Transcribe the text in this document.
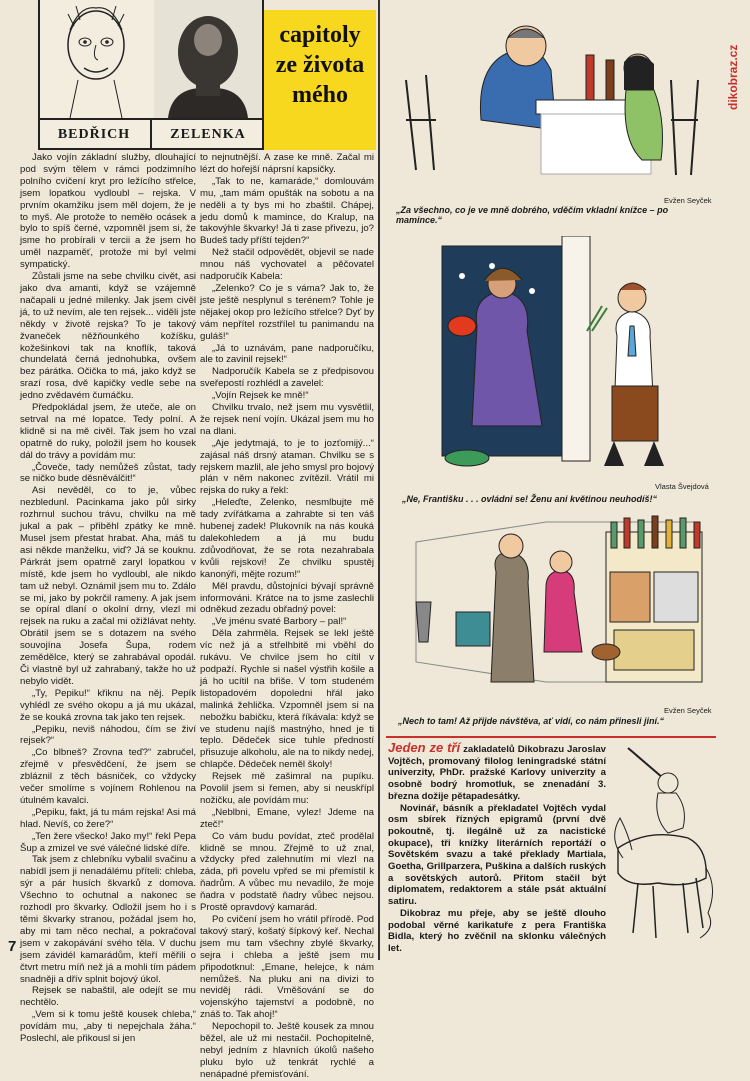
BEDŘICH	ZELENKA
capitoly
ze života
mého

Jako vojín základní služby, dlouhající pod svým tělem v rámci podzimního polního cvičení kryt pro ležícího střelce, jsem lopatkou vydloubl – rejska. V prvním okamžiku jsem měl dojem, že je to myš. Ale protože to neměło ocásek a bylo to spíš černé, vzpomněl jsem si, že jsme ho probírali v tercii a že jsem ho uměl nazpaměť, protože mi byl velmi sympatický.

Zůstali jsme na sebe chvilku civět, asi jako dva amanti, když se vzájemně načapali u jedné milenky. Jak jsem civěl já, to už nevím, ale ten rejsek... viděli jste někdy v životě rejska? To je takový žvaneček něžňounkého kožíšku, kožešinkovi tak na knoflík, taková chundelatá černá jednohubka, ovšem bez párátka. Očička to má, jako když se srazí rosa, dvě kapičky vedle sebe na jedno zvědavém čumáčku.

Předpokládal jsem, že uteče, ale on setrval na mé lopatce. Tedy polní. A klidně si na mě civěl. Tak jsem ho vzal opatrně do ruky, položil jsem ho kousek dál do trávy a povídám mu:

„Čoveče, tady nemůžeš zůstat, tady se ničko bude děsněválčit!“

Asi nevěděl, co to je, vůbec nezbledunl. Pacinkama jako půl sirky rozhrnul suchou trávu, chvilku na mě jukal a pak – přiběhl zpátky ke mně. Musel jsem přestat hrabat. Aha, máš tu asi někde manželku, viď? Já se kouknu. Párkrát jsem opatrně zaryl lopatkou v místě, kde jsem ho vydloubl, ale nikdo tam už nebyl. Oznámil jsem mu to. Zdálo se mi, jako by pokrčil rameny. A jak jsem se opíral dlaní o okolní drny, vlezl mi rejsek na ruku a začal mi ožižlávat nehty. Obrátil jsem se s dotazem na svého souvojína Josefa Šupa, rodem zemědělce, který se zahrabával opodál. Či vlastně byl už zahrabaný, takže ho už nebylo vidět.

„Ty, Pepiku!“ křiknu na něj. Pepík vyhlédl ze svého okopu a já mu ukázal, že se kouká zrovna tak jako ten rejsek.

„Pepiku, neviš náhodou, čím se živí rejsek?“

„Co blbneš? Zrovna teď?“ zabručel, zřejmě v přesvědčení, že jsem se zbláznil z těch básniček, co vždycky večer smolíme s vojínem Rohlenou na útulném kavalci.

„Pepiku, fakt, já tu mám rejska! Asi má hlad. Nevíš, co žere?“

„Ten žere všecko! Jako my!“ řekl Pepa Šup a zmizel ve své válečné lidské díře.

Tak jsem z chlebníku vybalil svačinu a nabídl jsem ji nenadálému příteli: chleba, sýr a pár husích škvarků z domova. Všechno to ochutnal a nakonec se rozhodl pro škvarky. Odložil jsem ho i s těmi škvarky stranou, požádal jsem ho, aby mi tam něco nechal, a pokračoval jsem v zakopávání svého těla. V duchu jsem závidél kamarádům, kteří měřili o čtvrt metru míň než já a mohli tím pádem snadněji a dřív splnit bojový úkol.

Rejsek se nabaštil, ale odejít se mu nechtělo.

„Vem si k tomu ještě kousek chleba,“ povídám mu, „aby ti nepejchala žáha.“ Poslechl, ale přikousl si jen

to nejnutnější. A zase ke mně. Začal mi lézt do hořejší náprsní kapsičky.

„Tak to ne, kamaráde,“ domlouvám mu, „tam mám opušták na sobotu a na neděli a ty bys mi ho zbaštil. Chápej, jedu domů k mamince, do Kralup, na takovýhle škvarky! Já ti zase přivezu, jo? Budeš tady příští tejden?“

Než stačil odpovědět, objevil se nade mnou náš vychovatel a pěčovatel nadporučík Kabela:

„Zelenko? Co je s váma? Jak to, že jste ještě nesplynul s terénem? Tohle je nějakej okop pro ležícího střelce? Dyť by vám nepřítel rozstřílel tu panimandu na guláš!“

„Já to uznávám, pane nadporučíku, ale to zavinil rejsek!“

Nadporučík Kabela se z předpisovou sveřepostí rozhlédl a zavelel:

„Vojín Rejsek ke mně!“

Chvilku trvalo, než jsem mu vysvětlil, že rejsek není vojín. Ukázal jsem mu ho na dlani.

„Aje jedytmajá, to je to jozťomijý...“ zajásal náš drsný ataman. Chvilku se s rejskem mazlil, ale jeho smysl pro bojový plán v něm nakonec zvítězil. Vrátil mi rejska do ruky a řekl:

„Heleďte, Zelenko, nesmlbujte mě tady zvířátkama a zahrabte si ten váš hubenej zadek! Plukovník na nás kouká dalekohledem a já mu budu zdůvodňovat, že se rota nezahrabala kvůli rejskovi! Ze chvilku spustěj kanonýři, mějte rozum!“

Měl pravdu, důstojníci bývají správně informováni. Krátce na to jsme zaslechli odněkud zezadu obřadný povel:

„Ve jménu svaté Barbory – pal!“

Děla zahrměla. Rejsek se lekl ještě víc než já a střelhbitě mi vběhl do rukávu. Ve chvilce jsem ho cítil v podpaží. Rychle si našel výstřih košile a já ho ucítil na břiše. V tom studeném listopadovém dopoledni hřál jako malinká žehlička. Vzpomněl jsem si na nebožku babičku, která říkávala: když se ve studenu najíš mastnýho, hned je ti teplo. Dědeček sice tuhle předností přisuzuje alkoholu, ale na to nikdy nedej, chlapče. Dědeček neměl školy!

Rejsek mě zašimral na pupíku. Povolil jsem si řemen, aby si neuskřípl nožičku, ale povídám mu:

„Neblbni, Emane, vylez! Jdeme na zteč!“

Co vám budu povídat, zteč prodělal klidně se mnou. Zřejmě to už znal, vždycky před zalehnutím mi vlezl na záda, při povelu vpřed se mi přemístil k ňadrům. A vůbec mu nevadilo, že moje ňadra v podstatě ňadry vůbec nejsou. Prostě opravdový kamarád.

Po cvičení jsem ho vrátil přírodě. Pod takový starý, košatý šípkový keř. Nechal jsem mu tam všechny zbylé škvarky, sejra i chleba a ještě jsem mu připodotknul: „Emane, helejce, k nám nemůžeš. Na pluku ani na divizi to neviděj rádi. Vměšování se do vojenskýho tajemství a podobně, no znáš to. Tak ahoj!“

Nepochopil to. Ještě kousek za mnou běžel, ale už mi nestačil. Pochopitelně, nebyl jedním z hlavních úkolů našeho pluku bylo už tenkrát rychlé a nenápadné přemisťování.

Evžen Seyček
„Za všechno, co je ve mně dobrého, vděčím vkladní knížce – po mamince.“
Vlasta Švejdová
„Ne, Františku . . . ovládni se! Ženu ani květinou neuhodíš!“
Evžen Seyček
„Nech to tam! Až přijde návštěva, ať vidí, co nám přinesli jiní.“

Jeden ze tří zakladatelů Dikobrazu Jaroslav Vojtěch, promovaný filolog leningradské státní univerzity, PhDr. pražské Karlovy univerzity a osobně bodrý hromotluk, se znenadání 3. března dožije pětapadesátky.

Novinář, básník a překladatel Vojtěch vydal osm sbírek řízných epigramů (první dvě pokoutně, tj. ilegálně už za nacistické okupace), tři knížky literárních reportáží o Sovětském svazu a také překlady Martiala, Goetha, Grillparzera, Puškina a dalších ruských a sovětských autorů. Přitom stačil být diplomatem, redaktorem a stále psát aktuální satiru.

Dikobraz mu přeje, aby se ještě dlouho podobal věrné karikatuře z pera Františka Bidla, který ho zvěčnil na sklonku válečných let.

7
dikobraz.cz
